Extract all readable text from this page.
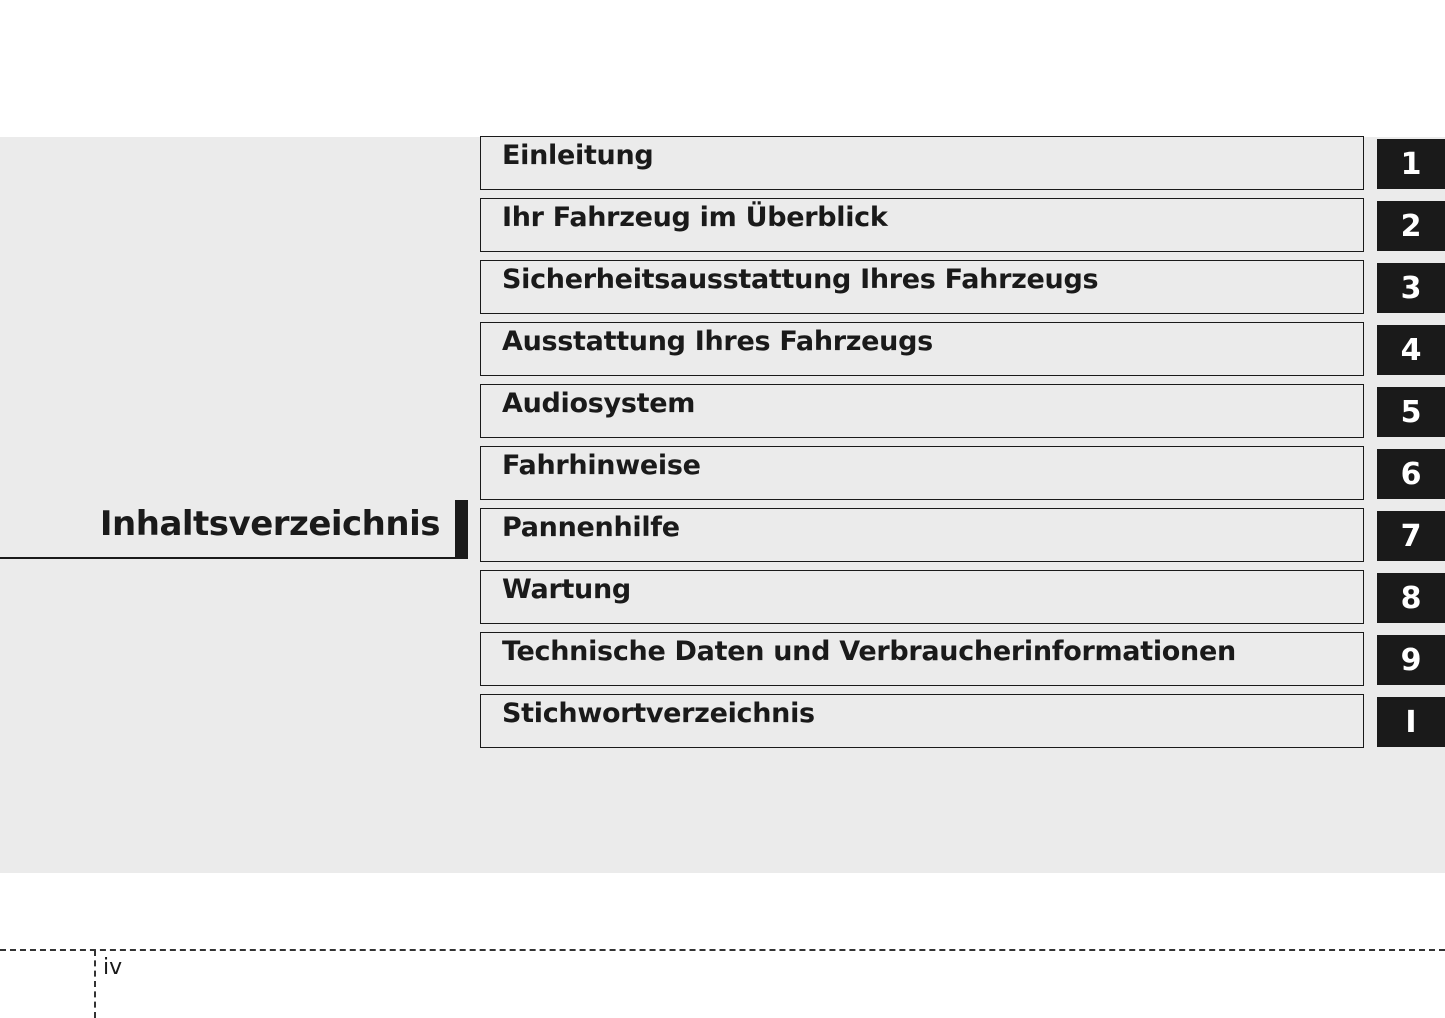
Inhaltsverzeichnis
Einleitung	1
Ihr Fahrzeug im Überblick	2
Sicherheitsausstattung Ihres Fahrzeugs	3
Ausstattung Ihres Fahrzeugs	4
Audiosystem	5
Fahrhinweise	6
Pannenhilfe	7
Wartung	8
Technische Daten und Verbraucherinformationen	9
Stichwortverzeichnis	I
iv
